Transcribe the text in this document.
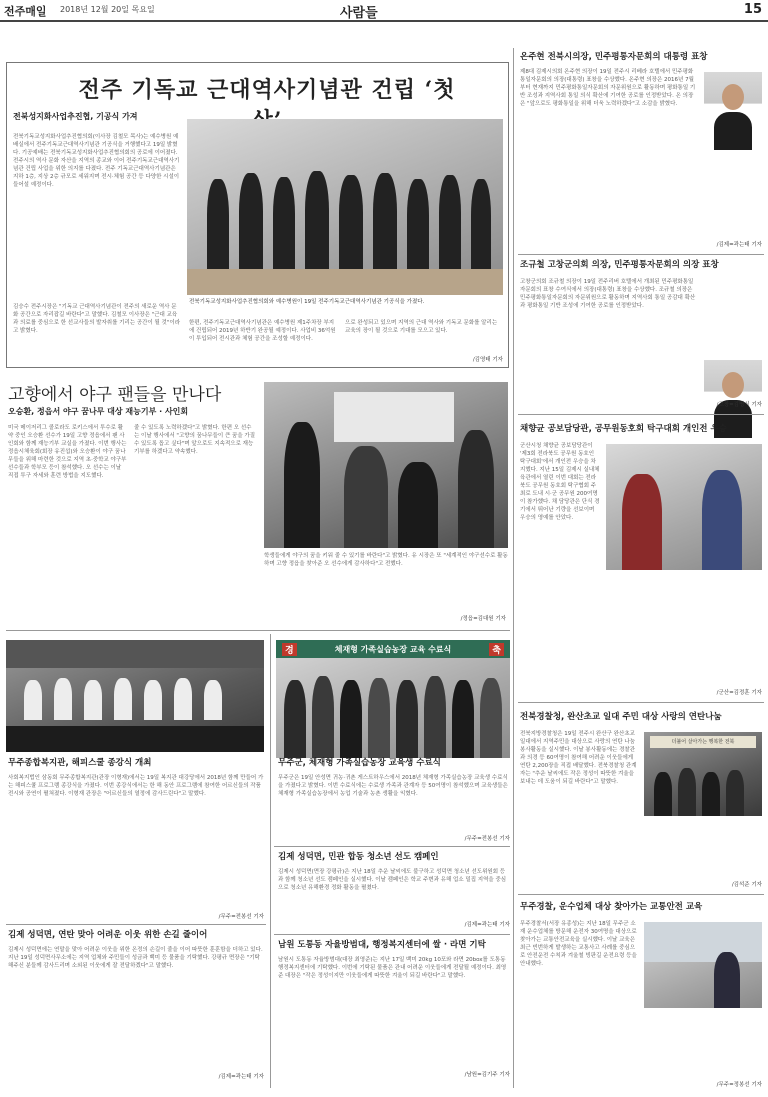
전주매일 2018년 12월 20일 목요일	사람들	15
전주 기독교 근대역사기념관 건립 ‘첫
전북성지화사업추진협, 기공식 가져
전북기독교성지화사업추진협의회(이사장 김철모 목사)는 예수병원 예배실에서 전주기독교근대역사기념관 기공식을 거행했다고 19일 밝혔다. 기공예배는 전북기독교성지화사업추진협의회의 공로에 이어졌다. 전주시의 역사 문화 자산을 지역의 종교와 이어 전주기독교근대역사기념관 건립 사업을 위한 의지를 다졌다. 전주 기독교근대역사기념관은 지하 1층, 지상 2층 규모로 세워지며 전시·체험 공간 등 다양한 시설이 들어설 예정이다.
김승수 전주시장은 "기독교 근대역사기념관이 전주의 새로운 역사 문화 공간으로 자리잡길 바란다"고 말했다. 김철모 이사장은 "근대 교육과 의료를 중심으로 한 선교사들의 발자취를 기리는 공간이 될 것"이라고 밝혔다.
전북기독교성지화사업추진협의회와 예수병원이 19일 전주기독교근대역사기념관 기공식을 가졌다.
한편, 전주기독교근대역사기념관은 예수병원 제1주차장 부지에 건립되어 2019년 하반기 완공될 예정이다. 사업비 36억원이 투입되어 전시관과 체험 공간을 조성할 예정이다.
으로 완성되고 있으며 지역의 근대 역사와 기독교 문화를 알리는 교육의 장이 될 것으로 기대를 모으고 있다.
/김영태 기자
고향에서 야구 팬들을 만나다
오승환, 정읍서 야구 꿈나무 대상 재능기부 · 사인회
미국 메이저리그 콜로라도 로키스에서 투수로 활약 중인 오승환 선수가 19일 고향 정읍에서 팬 사인회와 함께 재능기부 교실을 가졌다. 이번 행사는 정읍시체육회(회장 유진섭)와 오승환이 야구 꿈나무들을 위해 마련한 것으로 지역 초·중학교 야구부 선수들과 학부모 등이 참석했다. 오 선수는 이날 직접 투구 자세와 훈련 방법을 지도했다.
줄 수 있도록 노력하겠다"고 밝혔다. 한편 오 선수는 이날 행사에서 "고향의 꿈나무들이 큰 꿈을 가질 수 있도록 돕고 싶다"며 앞으로도 지속적으로 재능기부를 하겠다고 약속했다.
학생들에게 야구의 꿈을 키워 줄 수 있기를 바란다"고 밝혔다. 유 시장은 또 "세계적인 야구선수로 활동하며 고향 정읍을 찾아준 오 선수에게 감사하다"고 전했다.
/정읍=김대원 기자
온주현 전북시의장, 민주평통자문회의 대통령 표창
제8대 김제시의회 온주현 의장이 19일 전주시 리베라 호텔에서 민주평화통일자문회의 의장(대통령) 표창을 수상했다. 온주현 의장은 2016년 7월부터 현재까지 민주평화통일자문회의 자문위원으로 활동하며 평화통일 기반 조성과 지역사회 통일 의식 확산에 기여한 공로를 인정받았다. 온 의장은 "앞으로도 평화통일을 위해 더욱 노력하겠다"고 소감을 밝혔다.
/김제=곽는태 기자
조규철 고창군의회 의장, 민주평통자문회의 의장 표창
고창군의회 조규철 의장이 19일 전주리버 호텔에서 개최된 민주평화통일자문회의 표창 수여식에서 의장(대통령) 표창을 수상했다. 조규철 의장은 민주평화통일자문회의 자문위원으로 활동하며 지역사회 통일 공감대 확산과 평화통일 기반 조성에 기여한 공로를 인정받았다.
/고창=김병식 기자
채향균 공보담당관, 공무원동호회 탁구대회 개인전 우승
군산시청 채향균 공보담당관이 '제3회 전라북도 공무원 동호인 탁구대회'에서 개인전 우승을 차지했다. 지난 15일 김제시 실내체육관에서 열린 이번 대회는 전라북도 공무원 동호회 탁구협회 주최로 도내 시·군 공무원 200여명이 참가했다. 채 담당관은 단식 경기에서 뛰어난 기량을 선보이며 우승의 영예를 안았다.
/군산=김정훈 기자
전북경찰청, 완산초교 일대 주민 대상 사랑의 연탄나눔
전북지방경찰청은 19일 전주시 완산구 완산초교 일대에서 지역주민을 대상으로 사랑의 연탄 나눔 봉사활동을 실시했다. 이날 봉사활동에는 경찰관과 의경 등 60여명이 참여해 어려운 이웃들에게 연탄 2,200장을 직접 배달했다. 전북경찰청 관계자는 "추운 날씨에도 작은 정성이 따뜻한 겨울을 보내는 데 도움이 되길 바란다"고 말했다.
더불어 살아가는 행복한 전북
/김석준 기자
무주경찰, 운수업체 대상 찾아가는 교통안전 교육
무주경찰서(서장 유종성)는 지난 18일 무주군 소재 운수업체를 방문해 운전자 30여명을 대상으로 찾아가는 교통안전교육을 실시했다. 이날 교육은 최근 빈번하게 발생하는 교통사고 사례를 중심으로 안전운전 수칙과 겨울철 빙판길 운전요령 등을 안내했다.
/무주=정봉선 기자
무주종합복지관, 해피스쿨 종강식 개최
사회복지법인 삼동회 무주종합복지관(관장 이형재)에서는 19일 복지관 대강당에서 2018년 함께 만들어 가는 해피스쿨 프로그램 종강식을 가졌다. 이번 종강식에서는 한 해 동안 프로그램에 참여한 어르신들의 작품 전시와 공연이 펼쳐졌다. 이형재 관장은 "어르신들의 열정에 감사드린다"고 말했다.
/무주=전봉선 기자
김제 성덕면, 연탄 맞아 어려운 이웃 위한 손길 줄이어
김제시 성덕면에는 연말을 맞아 어려운 이웃을 위한 온정의 손길이 줄을 이어 따뜻한 훈훈함을 더하고 있다. 지난 19일 성덕면사무소에는 지역 업체와 주민들이 성금과 백미 등 물품을 기탁했다. 강평규 면장은 "기탁해주신 분들께 감사드리며 소외된 이웃에게 잘 전달하겠다"고 말했다.
/김제=곽는태 기자
경	체재형 가족실습농장 교육 수료식	축
무주군, 체재형 가족실습농장 교육생 수료식
무주군은 19일 안성면 귀농·귀촌 게스트하우스에서 2018년 체재형 가족실습농장 교육생 수료식을 가졌다고 밝혔다. 이번 수료식에는 수료생 가족과 관계자 등 50여명이 참석했으며 교육생들은 체재형 가족실습농장에서 농업 기술과 농촌 생활을 익혔다.
/무주=전봉선 기자
김제 성덕면, 민관 합동 청소년 선도 캠페인
김제시 성덕면(면장 강평규)은 지난 18일 추운 날씨에도 불구하고 성덕면 청소년 선도위원회 등과 함께 청소년 선도 캠페인을 실시했다. 이날 캠페인은 학교 주변과 유해 업소 밀집 지역을 중심으로 청소년 유해환경 정화 활동을 펼쳤다.
/김제=곽는태 기자
남원 도통동 자율방범대, 행정복지센터에 쌀 · 라면 기탁
남원시 도통동 자율방범대(대장 최영준)는 지난 17일 백미 20kg 10포와 라면 20box를 도통동 행정복지센터에 기탁했다. 이번에 기탁된 물품은 관내 어려운 이웃들에게 전달될 예정이다. 최영준 대장은 "작은 정성이지만 이웃들에게 따뜻한 겨울이 되길 바란다"고 말했다.
/남원=김기주 기자
